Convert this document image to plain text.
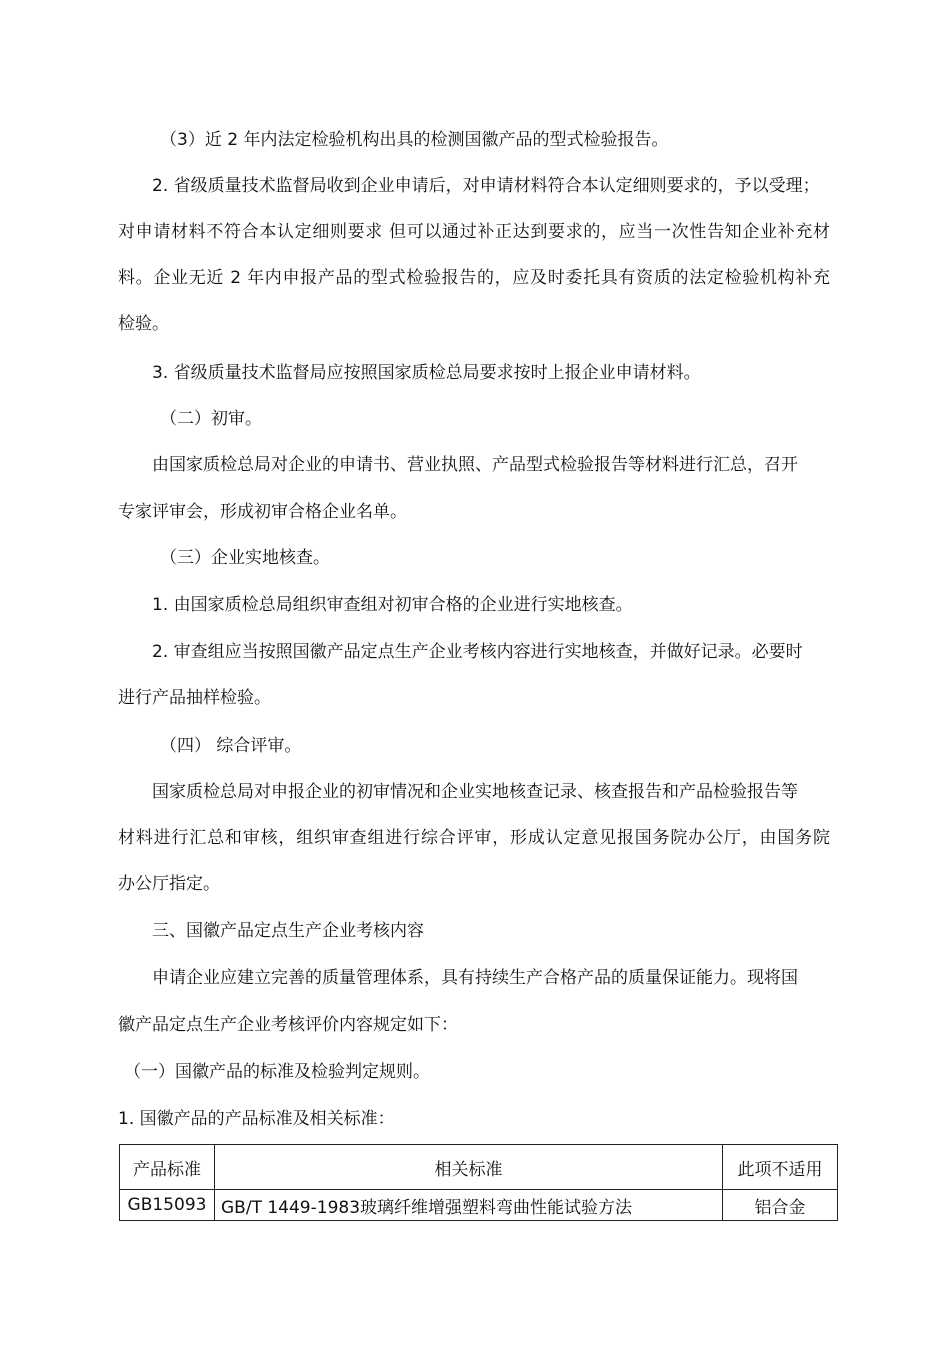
（3）近 2 年内法定检验机构出具的检测国徽产品的型式检验报告。
2. 省级质量技术监督局收到企业申请后，对申请材料符合本认定细则要求的，予以受理；
对申请材料不符合本认定细则要求 但可以通过补正达到要求的，应当一次性告知企业补充材
料。企业无近 2 年内申报产品的型式检验报告的，应及时委托具有资质的法定检验机构补充
检验。
3. 省级质量技术监督局应按照国家质检总局要求按时上报企业申请材料。
（二）初审。
由国家质检总局对企业的申请书、营业执照、产品型式检验报告等材料进行汇总，召开
专家评审会，形成初审合格企业名单。
（三）企业实地核查。
1. 由国家质检总局组织审查组对初审合格的企业进行实地核查。
2. 审查组应当按照国徽产品定点生产企业考核内容进行实地核查，并做好记录。必要时
进行产品抽样检验。
（四） 综合评审。
国家质检总局对申报企业的初审情况和企业实地核查记录、核查报告和产品检验报告等
材料进行汇总和审核，组织审查组进行综合评审，形成认定意见报国务院办公厅，由国务院
办公厅指定。
三、国徽产品定点生产企业考核内容
申请企业应建立完善的质量管理体系，具有持续生产合格产品的质量保证能力。现将国
徽产品定点生产企业考核评价内容规定如下：
（一）国徽产品的标准及检验判定规则。
1. 国徽产品的产品标准及相关标准：
产品标准	相关标准	此项不适用
GB15093	GB/T 1449-1983玻璃纤维增强塑料弯曲性能试验方法	铝合金
